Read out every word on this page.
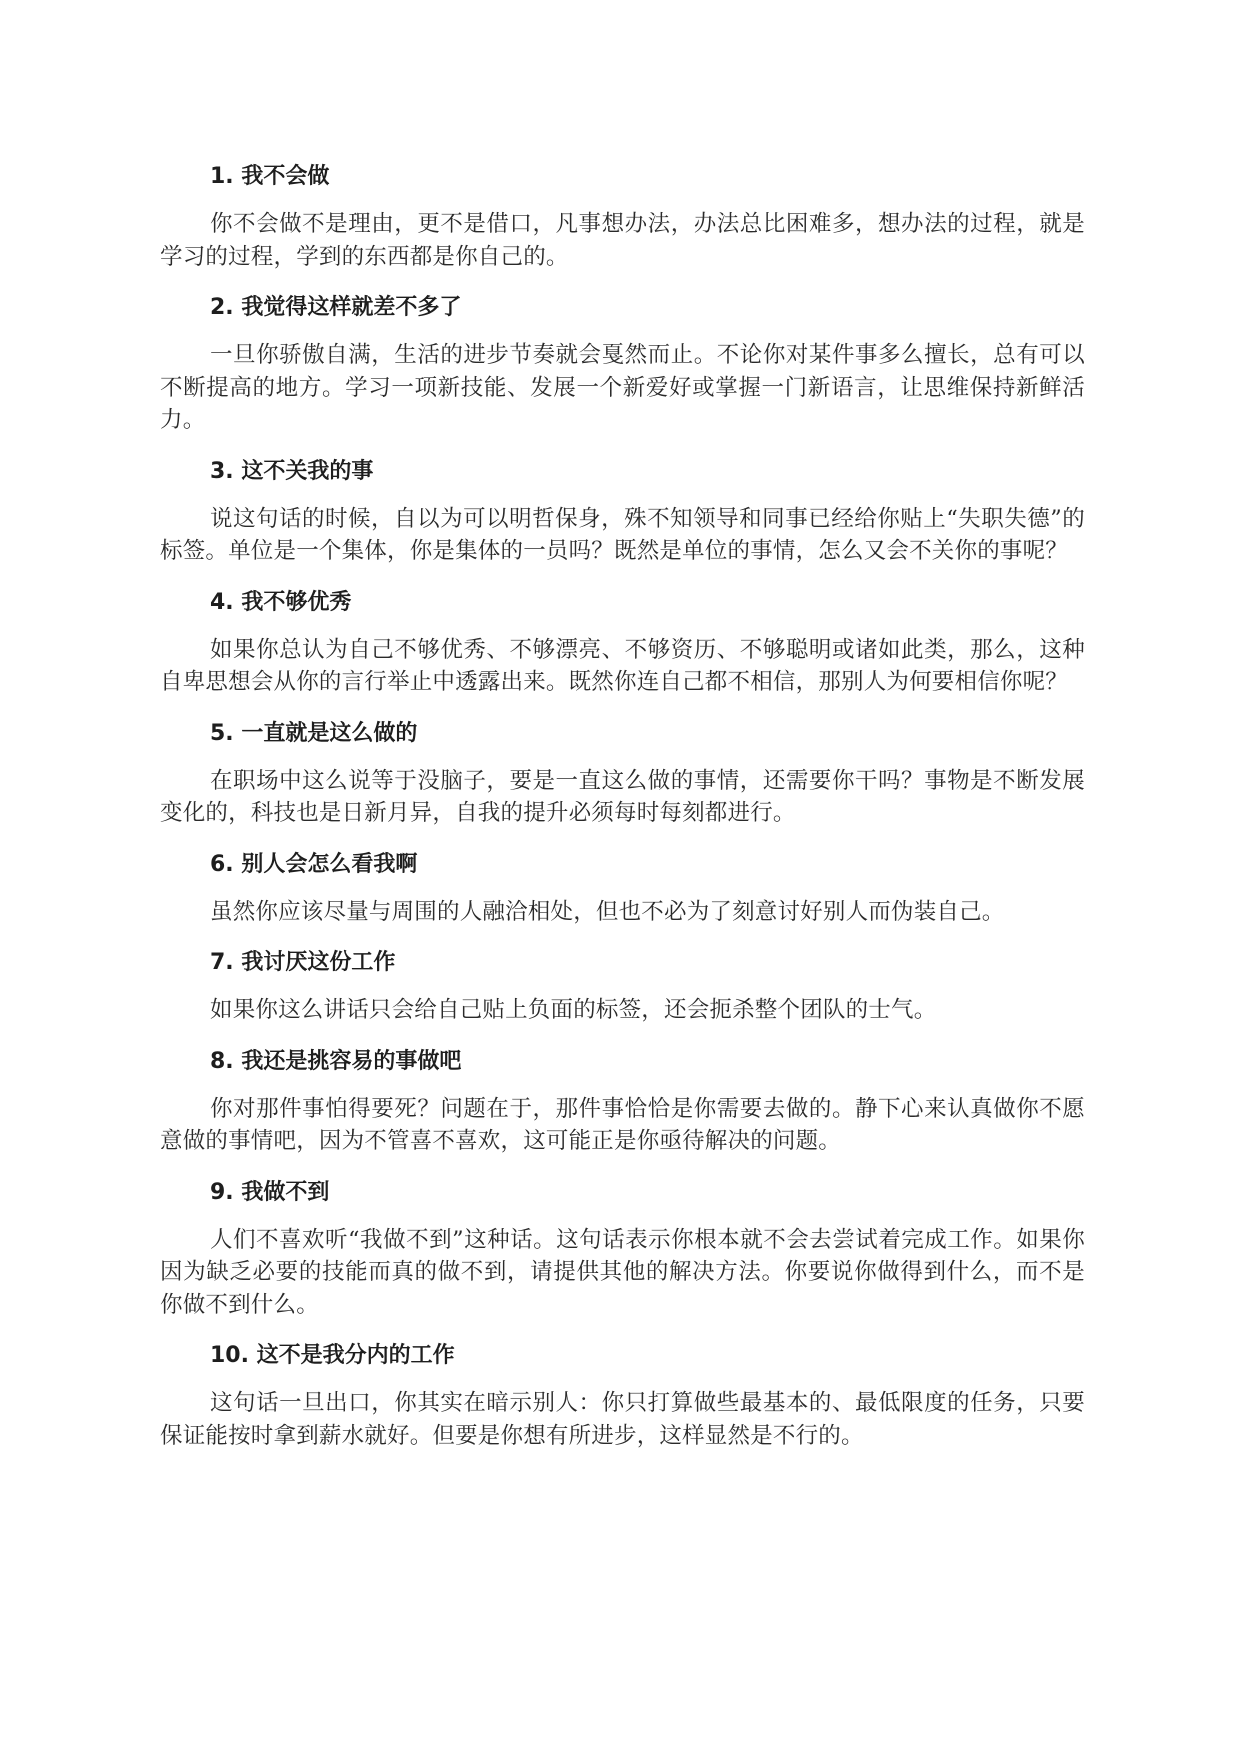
1. 我不会做

你不会做不是理由，更不是借口，凡事想办法，办法总比困难多，想办法的过程，就是学习的过程，学到的东西都是你自己的。

2. 我觉得这样就差不多了

一旦你骄傲自满，生活的进步节奏就会戛然而止。不论你对某件事多么擅长，总有可以不断提高的地方。学习一项新技能、发展一个新爱好或掌握一门新语言，让思维保持新鲜活力。

3. 这不关我的事

说这句话的时候，自以为可以明哲保身，殊不知领导和同事已经给你贴上“失职失德”的标签。单位是一个集体，你是集体的一员吗？既然是单位的事情，怎么又会不关你的事呢？

4. 我不够优秀

如果你总认为自己不够优秀、不够漂亮、不够资历、不够聪明或诸如此类，那么，这种自卑思想会从你的言行举止中透露出来。既然你连自己都不相信，那别人为何要相信你呢？

5. 一直就是这么做的

在职场中这么说等于没脑子，要是一直这么做的事情，还需要你干吗？事物是不断发展变化的，科技也是日新月异，自我的提升必须每时每刻都进行。

6. 别人会怎么看我啊

虽然你应该尽量与周围的人融洽相处，但也不必为了刻意讨好别人而伪装自己。

7. 我讨厌这份工作

如果你这么讲话只会给自己贴上负面的标签，还会扼杀整个团队的士气。

8. 我还是挑容易的事做吧

你对那件事怕得要死？问题在于，那件事恰恰是你需要去做的。静下心来认真做你不愿意做的事情吧，因为不管喜不喜欢，这可能正是你亟待解决的问题。

9. 我做不到

人们不喜欢听“我做不到”这种话。这句话表示你根本就不会去尝试着完成工作。如果你因为缺乏必要的技能而真的做不到，请提供其他的解决方法。你要说你做得到什么，而不是你做不到什么。

10. 这不是我分内的工作

这句话一旦出口，你其实在暗示别人：你只打算做些最基本的、最低限度的任务，只要保证能按时拿到薪水就好。但要是你想有所进步，这样显然是不行的。
